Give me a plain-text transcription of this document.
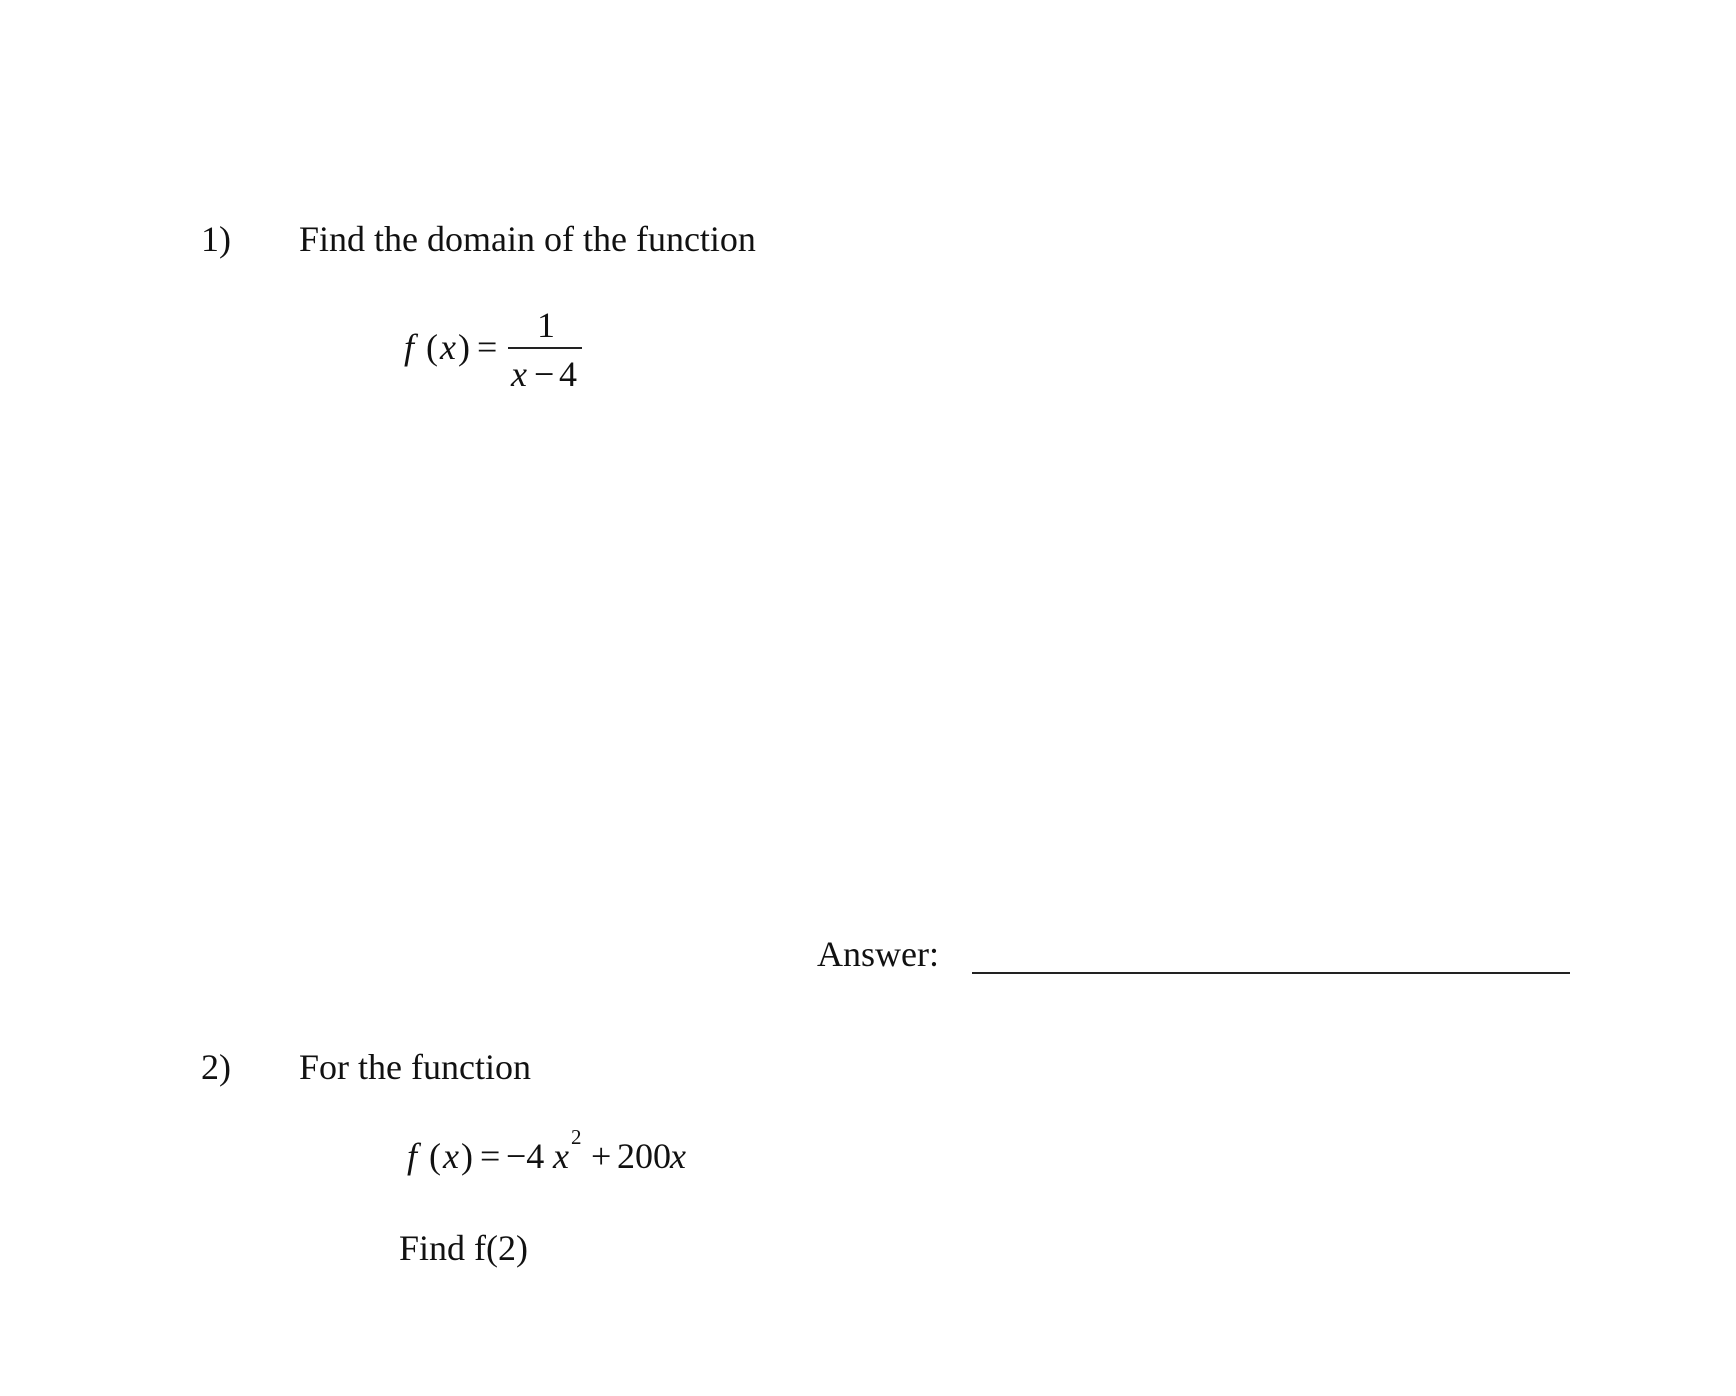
1) Find the domain of the function
f ( x ) =
1
x − 4
Answer:
2) For the function
f ( x ) = −4 x 2 + 200 x
Find f(2)
